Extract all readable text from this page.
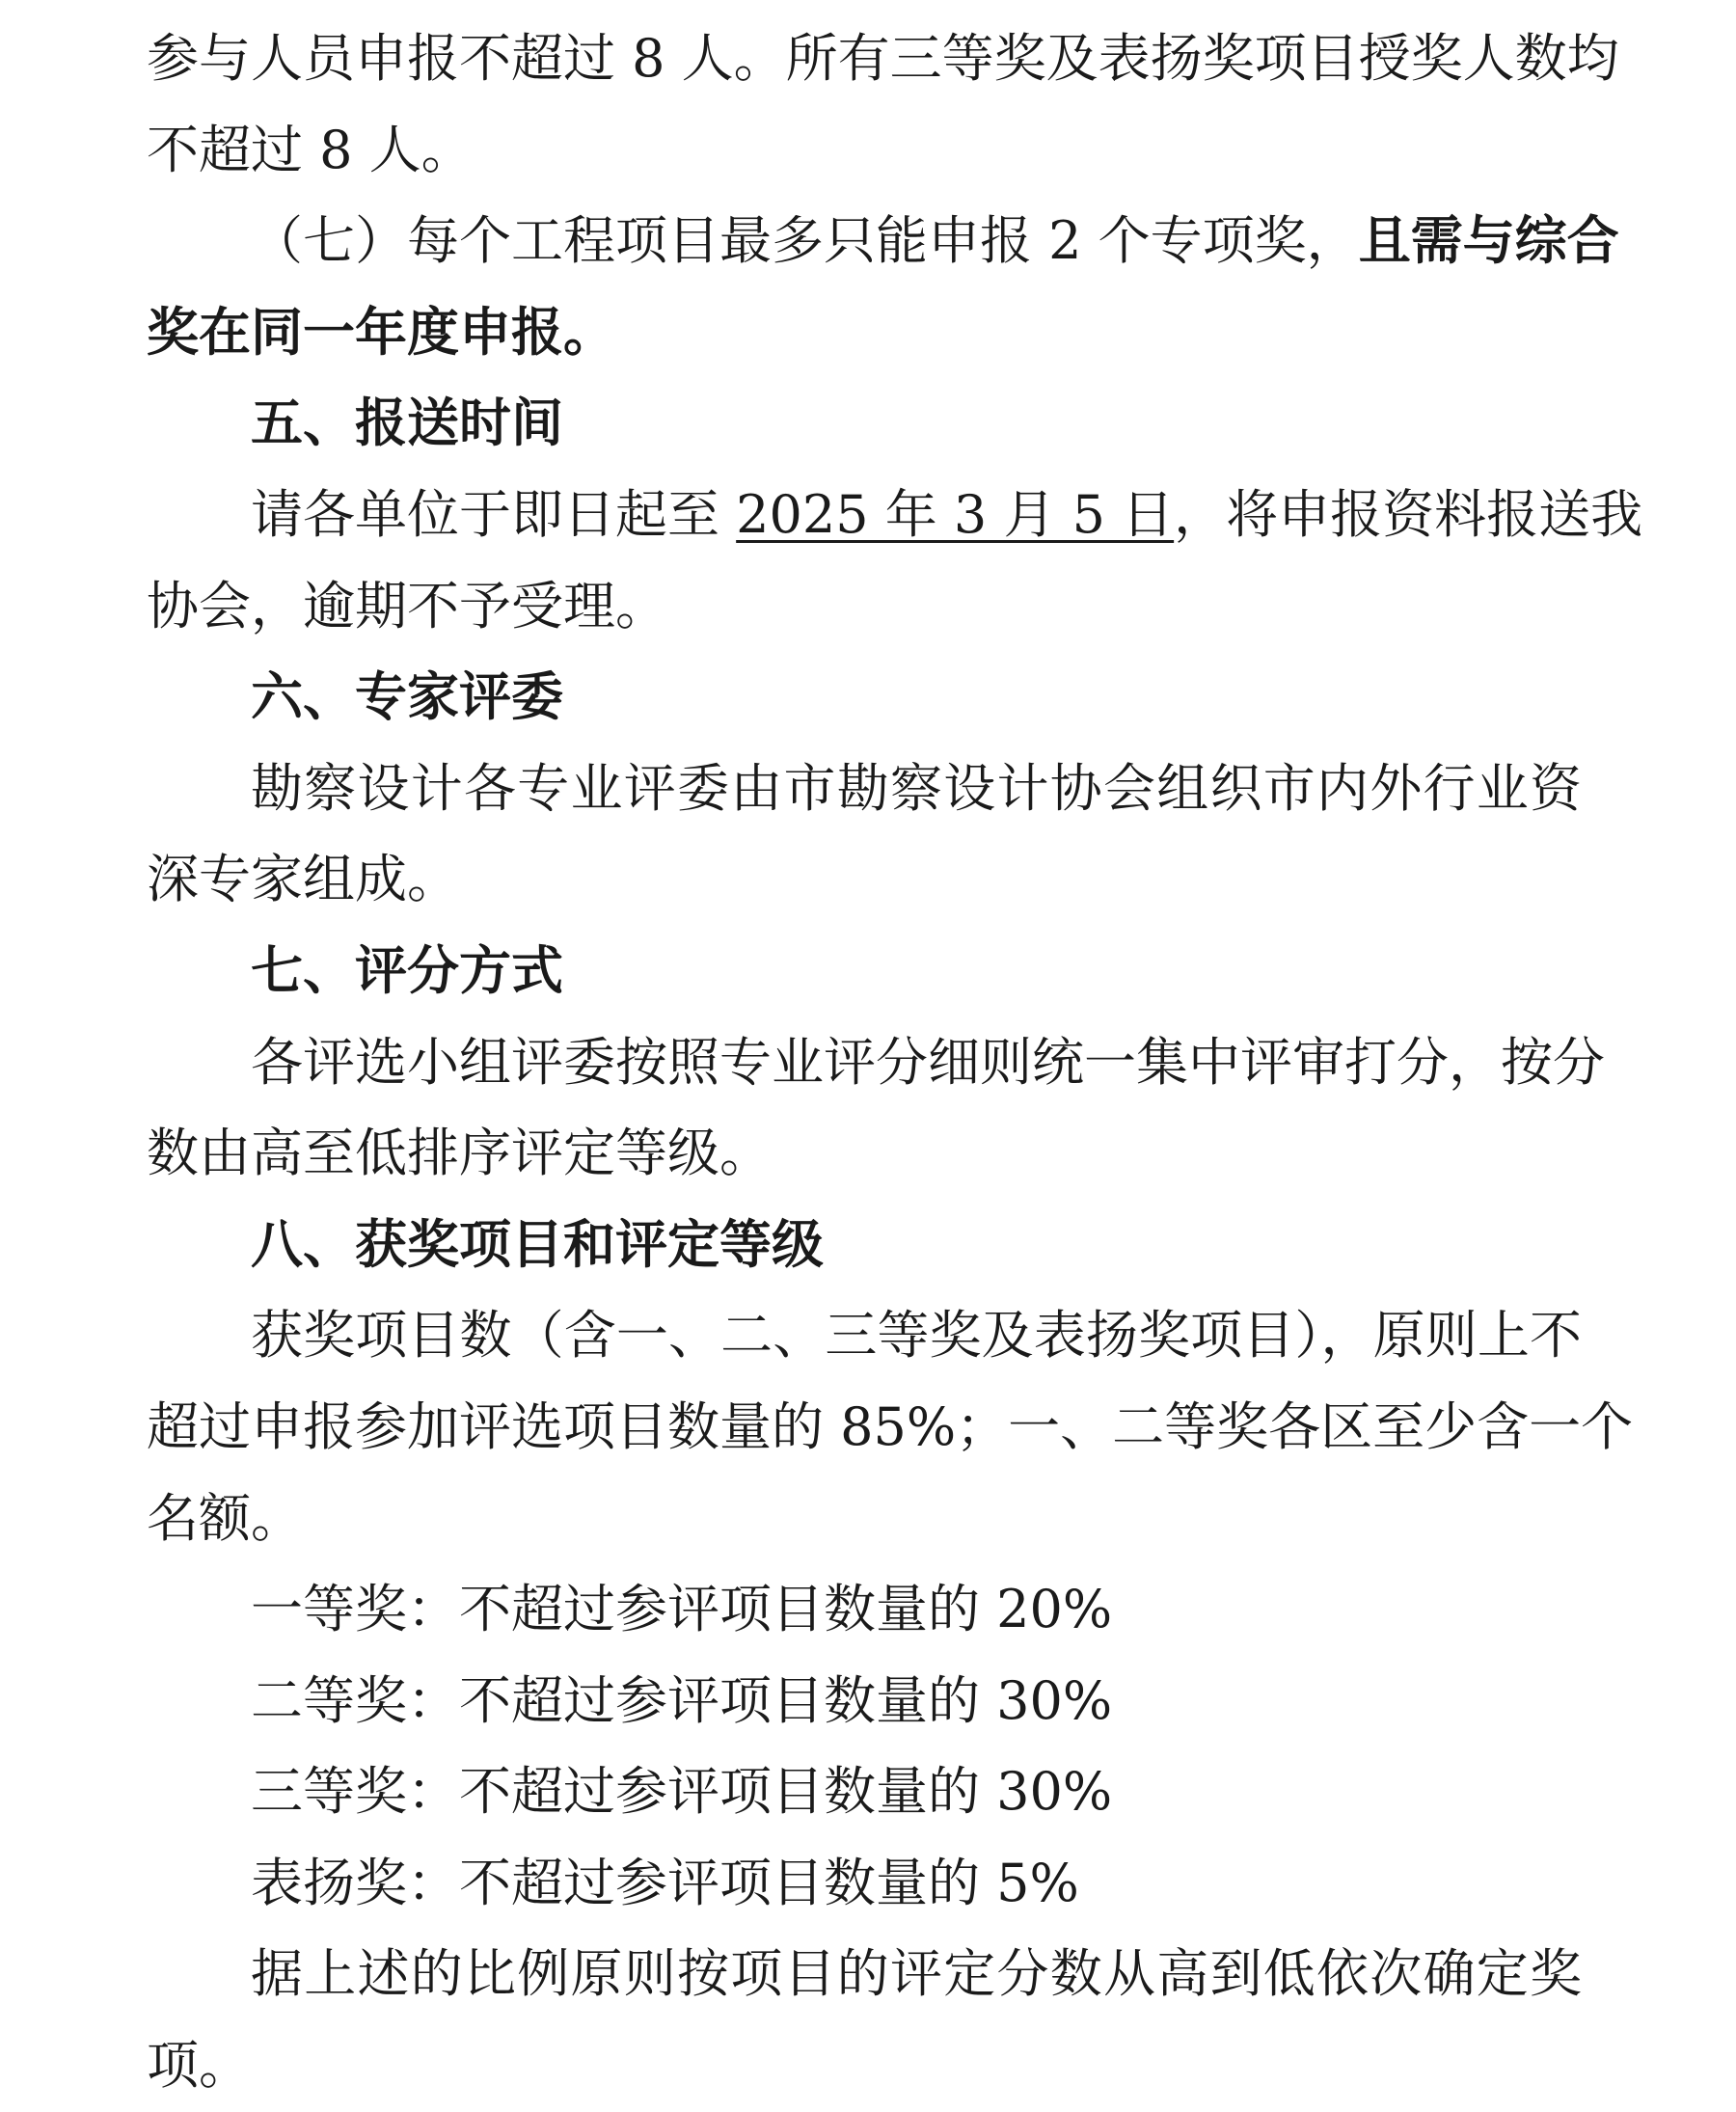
参与人员申报不超过 8 人。所有三等奖及表扬奖项目授奖人数均
不超过 8 人。
（七）每个工程项目最多只能申报 2 个专项奖，且需与综合
奖在同一年度申报。
五、报送时间
请各单位于即日起至 2025 年 3 月 5 日，将申报资料报送我
协会，逾期不予受理。
六、专家评委
勘察设计各专业评委由市勘察设计协会组织市内外行业资
深专家组成。
七、评分方式
各评选小组评委按照专业评分细则统一集中评审打分，按分
数由高至低排序评定等级。
八、获奖项目和评定等级
获奖项目数（含一、二、三等奖及表扬奖项目），原则上不
超过申报参加评选项目数量的 85%；一、二等奖各区至少含一个
名额。
一等奖：不超过参评项目数量的 20%
二等奖：不超过参评项目数量的 30%
三等奖：不超过参评项目数量的 30%
表扬奖：不超过参评项目数量的 5%
据上述的比例原则按项目的评定分数从高到低依次确定奖
项。
